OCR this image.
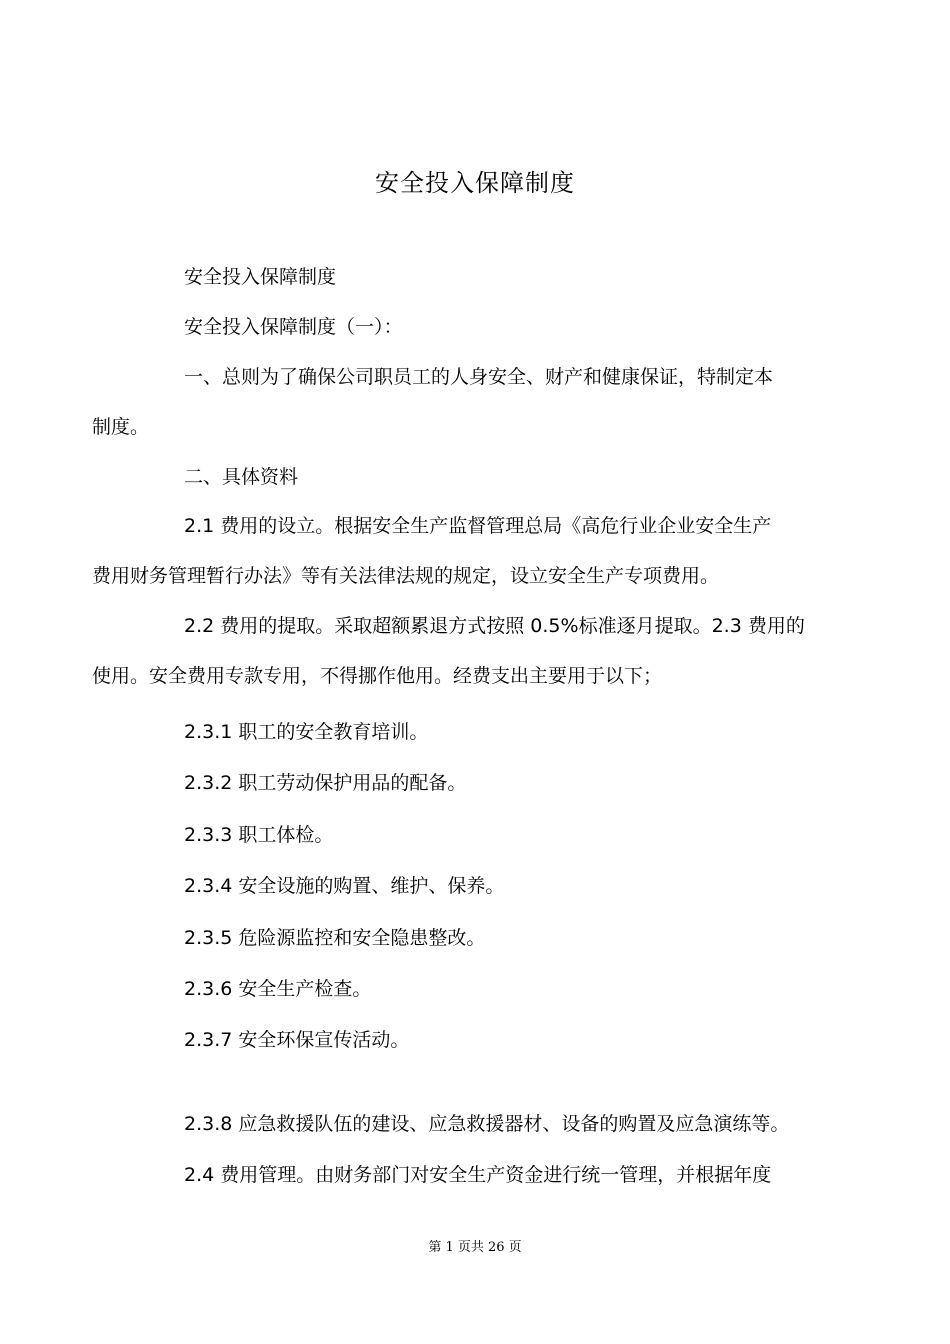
安全投入保障制度
安全投入保障制度
安全投入保障制度（一）：
一、总则为了确保公司职员工的人身安全、财产和健康保证，特制定本
制度。
二、具体资料
2.1 费用的设立。根据安全生产监督管理总局《高危行业企业安全生产
费用财务管理暂行办法》等有关法律法规的规定，设立安全生产专项费用。
2.2 费用的提取。采取超额累退方式按照 0.5%标准逐月提取。2.3 费用的
使用。安全费用专款专用，不得挪作他用。经费支出主要用于以下；
2.3.1 职工的安全教育培训。
2.3.2 职工劳动保护用品的配备。
2.3.3 职工体检。
2.3.4 安全设施的购置、维护、保养。
2.3.5 危险源监控和安全隐患整改。
2.3.6 安全生产检查。
2.3.7 安全环保宣传活动。
2.3.8 应急救援队伍的建设、应急救援器材、设备的购置及应急演练等。
2.4 费用管理。由财务部门对安全生产资金进行统一管理，并根据年度
第 1 页共 26 页
